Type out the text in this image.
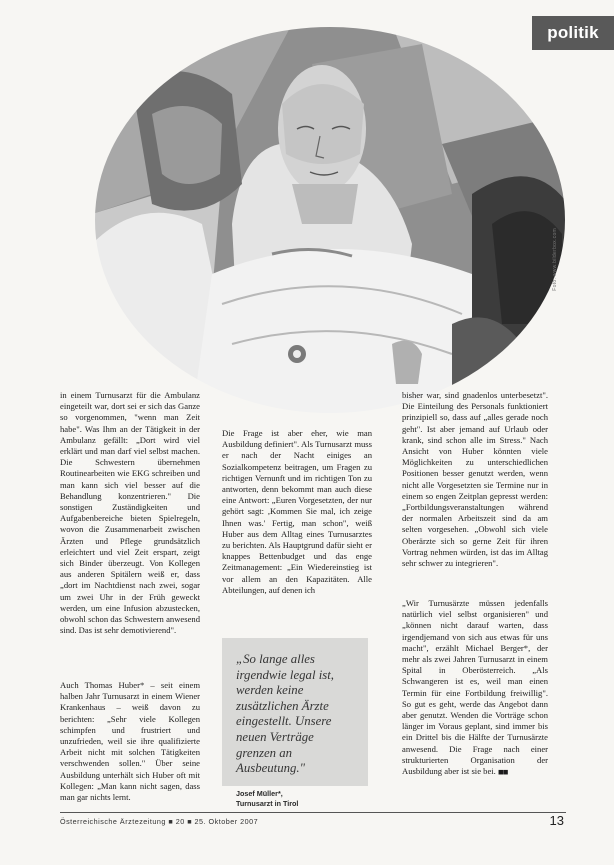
politik
Foto: www.bilderbox.com

in einem Turnusarzt für die Ambulanz eingeteilt war, dort sei er sich das Ganze so vorgenommen, "wenn man Zeit habe". Was Ihm an der Tätigkeit in der Ambulanz gefällt: „Dort wird viel erklärt und man darf viel selbst machen. Die Schwestern übernehmen Routinearbeiten wie EKG schreiben und man kann sich viel besser auf die Behandlung konzentrieren." Die sonstigen Zuständigkeiten und Aufgabenbereiche bieten Spielregeln, wovon die Zusammenarbeit zwischen Ärzten und Pflege grundsätzlich erleichtert und viel Zeit erspart, zeigt sich Binder überzeugt. Von Kollegen aus anderen Spitälern weiß er, dass „dort im Nachtdienst nach zwei, sogar um zwei Uhr in der Früh geweckt werden, um eine Infusion abzustecken, obwohl schon das Schwestern anwesend sind. Das ist sehr demotivierend".

Auch Thomas Huber* – seit einem halben Jahr Turnusarzt in einem Wiener Krankenhaus – weiß davon zu berichten: „Sehr viele Kollegen schimpfen und frustriert und unzufrieden, weil sie ihre qualifizierte Arbeit nicht mit solchen Tätigkeiten verschwenden sollen." Über seine Ausbildung unterhält sich Huber oft mit Kollegen: „Man kann nicht sagen, dass man gar nichts lernt.

Die Frage ist aber eher, wie man Ausbildung definiert". Als Turnusarzt muss er nach der Nacht einiges an Sozialkompetenz beitragen, um Fragen zu richtigen Vernunft und im richtigen Ton zu antworten, denn bekommt man auch diese eine Antwort: „Euren Vorgesetzten, der nur gehört sagt: ,Kommen Sie mal, ich zeige Ihnen was.' Fertig, man schon", weiß Huber aus dem Alltag eines Turnusarztes zu berichten. Als Hauptgrund dafür sieht er knappes Bettenbudget und das enge Zeitmanagement: „Ein Wiedereinstieg ist vor allem an den Kapazitäten. Alle Abteilungen, auf denen ich

„So lange alles irgendwie legal ist, werden keine zusätzlichen Ärzte eingestellt. Unsere neuen Verträge grenzen an Ausbeutung."

Josef Müller*,

Turnusarzt in Tirol

bisher war, sind gnadenlos unterbesetzt". Die Einteilung des Personals funktioniert prinzipiell so, dass auf „alles gerade noch geht". Ist aber jemand auf Urlaub oder krank, sind schon alle im Stress." Nach Ansicht von Huber könnten viele Möglichkeiten zu unterschiedlichen Positionen besser genutzt werden, wenn nicht alle Vorgesetzten sie Termine nur in einem so engen Zeitplan gepresst werden: „Fortbildungsveranstaltungen während der normalen Arbeitszeit sind da am selten vorgesehen. „Obwohl sich viele Oberärzte sich so gerne Zeit für ihren Vortrag nehmen würden, ist das im Alltag sehr schwer zu integrieren".

„Wir Turnusärzte müssen jedenfalls natürlich viel selbst organisieren" und „können nicht darauf warten, dass irgendjemand von sich aus etwas für uns macht", erzählt Michael Berger*, der mehr als zwei Jahren Turnusarzt in einem Spital in Oberösterreich. „Als Schwangeren ist es, weil man einen Termin für eine Fortbildung freiwillig". So gut es geht, werde das Angebot dann aber genutzt. Wenden die Vorträge schon länger im Voraus geplant, sind immer bis ein Drittel bis die Hälfte der Turnusärzte anwesend. Die Frage nach einer strukturierten Organisation der Ausbildung aber ist sie bei. ◼◼

Österreichische Ärztezeitung ■ 20 ■ 25. Oktober 2007	13
